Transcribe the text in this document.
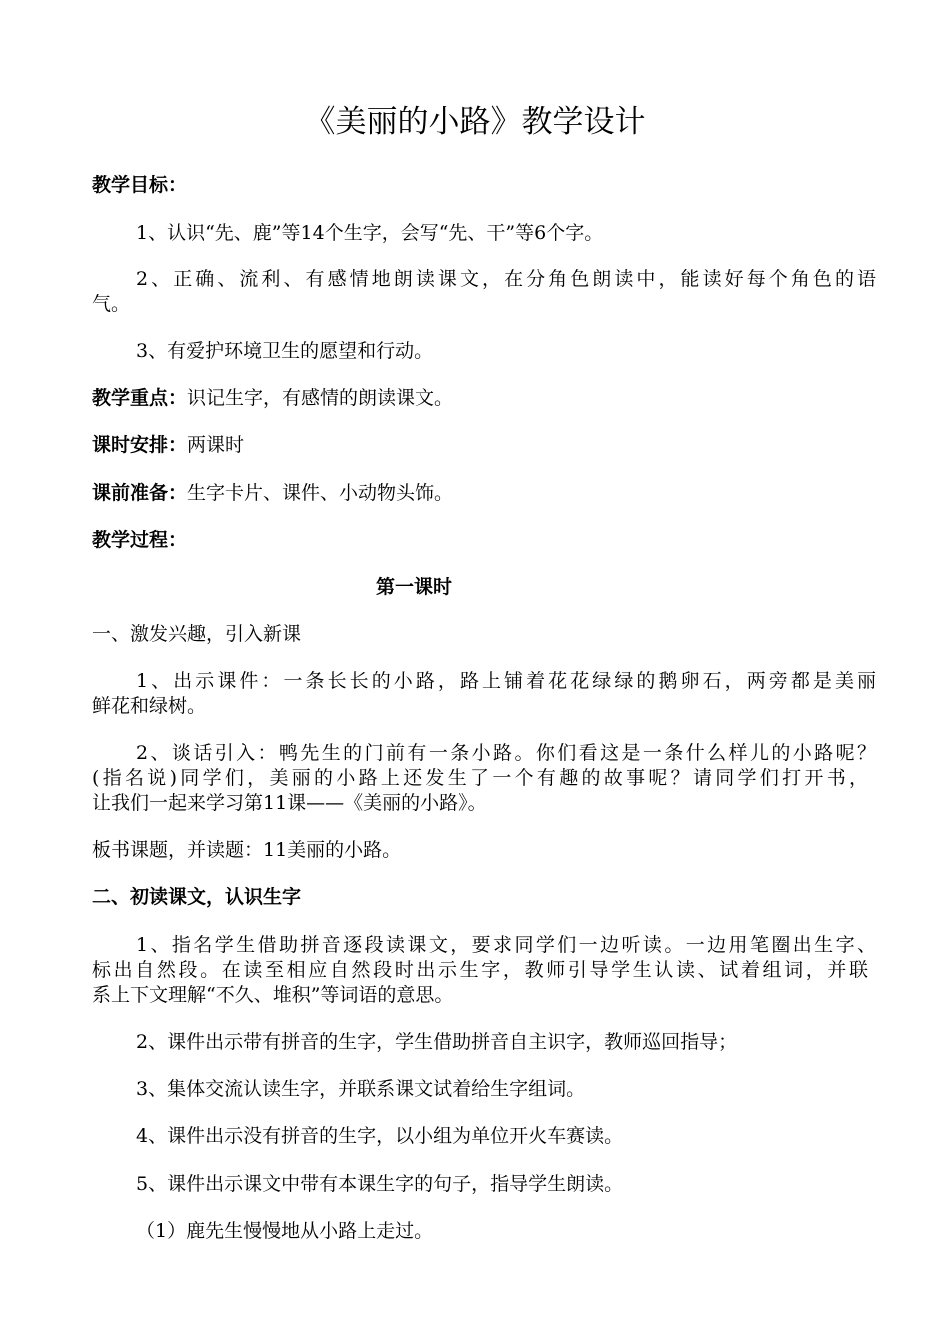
《美丽的小路》教学设计
教学目标：
1、认识“先、鹿”等14个生字，会写“先、干”等6个字。
2、正确、流利、有感情地朗读课文，在分角色朗读中，能读好每个角色的语
气。
3、有爱护环境卫生的愿望和行动。
教学重点：识记生字，有感情的朗读课文。
课时安排：两课时
课前准备：生字卡片、课件、小动物头饰。
教学过程：
第一课时
一、激发兴趣，引入新课
1、出示课件：一条长长的小路，路上铺着花花绿绿的鹅卵石，两旁都是美丽
鲜花和绿树。
2、谈话引入：鸭先生的门前有一条小路。你们看这是一条什么样儿的小路呢？
(指名说)同学们，美丽的小路上还发生了一个有趣的故事呢？请同学们打开书，
让我们一起来学习第11课——《美丽的小路》。
板书课题，并读题：11美丽的小路。
二、初读课文，认识生字
1、指名学生借助拼音逐段读课文，要求同学们一边听读。一边用笔圈出生字、
标出自然段。在读至相应自然段时出示生字，教师引导学生认读、试着组词，并联
系上下文理解“不久、堆积”等词语的意思。
2、课件出示带有拼音的生字，学生借助拼音自主识字，教师巡回指导；
3、集体交流认读生字，并联系课文试着给生字组词。
4、课件出示没有拼音的生字，以小组为单位开火车赛读。
5、课件出示课文中带有本课生字的句子，指导学生朗读。
（1）鹿先生慢慢地从小路上走过。
